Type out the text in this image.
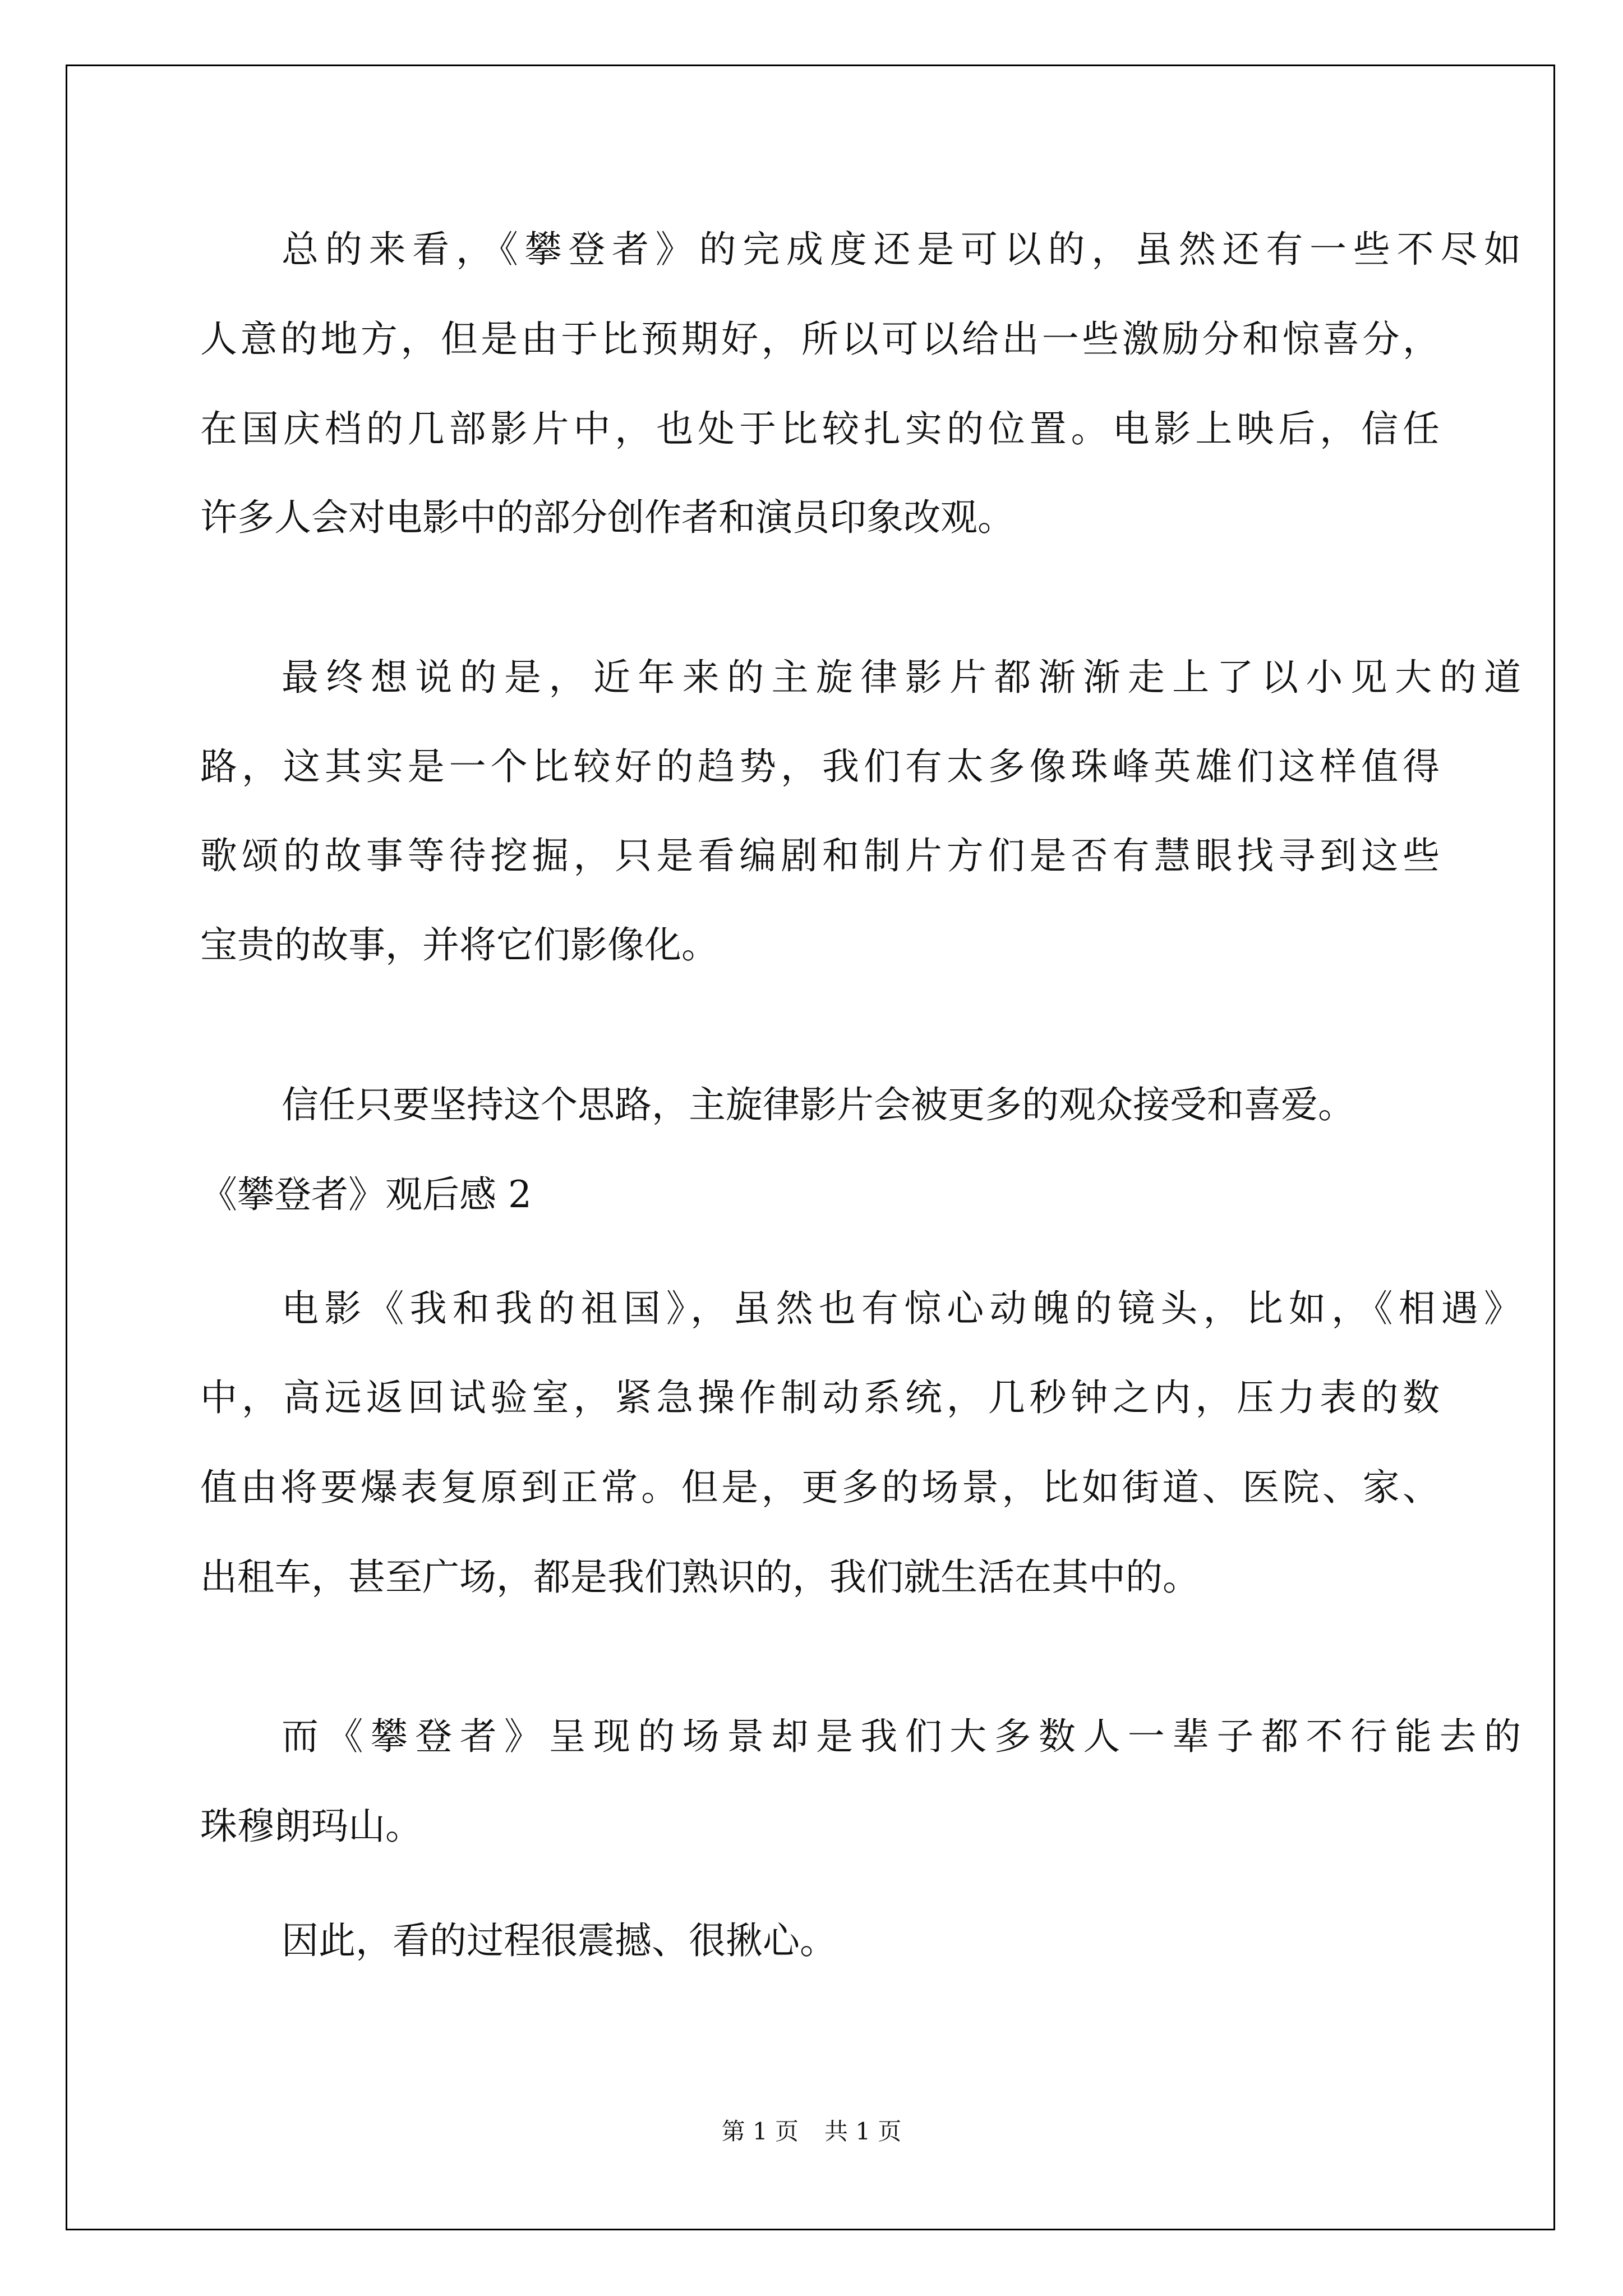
总的来看，《攀登者》的完成度还是可以的，虽然还有一些不尽如
人意的地方，但是由于比预期好，所以可以给出一些激励分和惊喜分，
在国庆档的几部影片中，也处于比较扎实的位置。电影上映后，信任
许多人会对电影中的部分创作者和演员印象改观。
最终想说的是，近年来的主旋律影片都渐渐走上了以小见大的道
路，这其实是一个比较好的趋势，我们有太多像珠峰英雄们这样值得
歌颂的故事等待挖掘，只是看编剧和制片方们是否有慧眼找寻到这些
宝贵的故事，并将它们影像化。
信任只要坚持这个思路，主旋律影片会被更多的观众接受和喜爱。
《攀登者》观后感 2
电影《我和我的祖国》，虽然也有惊心动魄的镜头，比如，《相遇》
中，高远返回试验室，紧急操作制动系统，几秒钟之内，压力表的数
值由将要爆表复原到正常。但是，更多的场景，比如街道、医院、家、
出租车，甚至广场，都是我们熟识的，我们就生活在其中的。
而《攀登者》呈现的场景却是我们大多数人一辈子都不行能去的
珠穆朗玛山。
因此，看的过程很震撼、很揪心。
第 1 页 共 1 页
